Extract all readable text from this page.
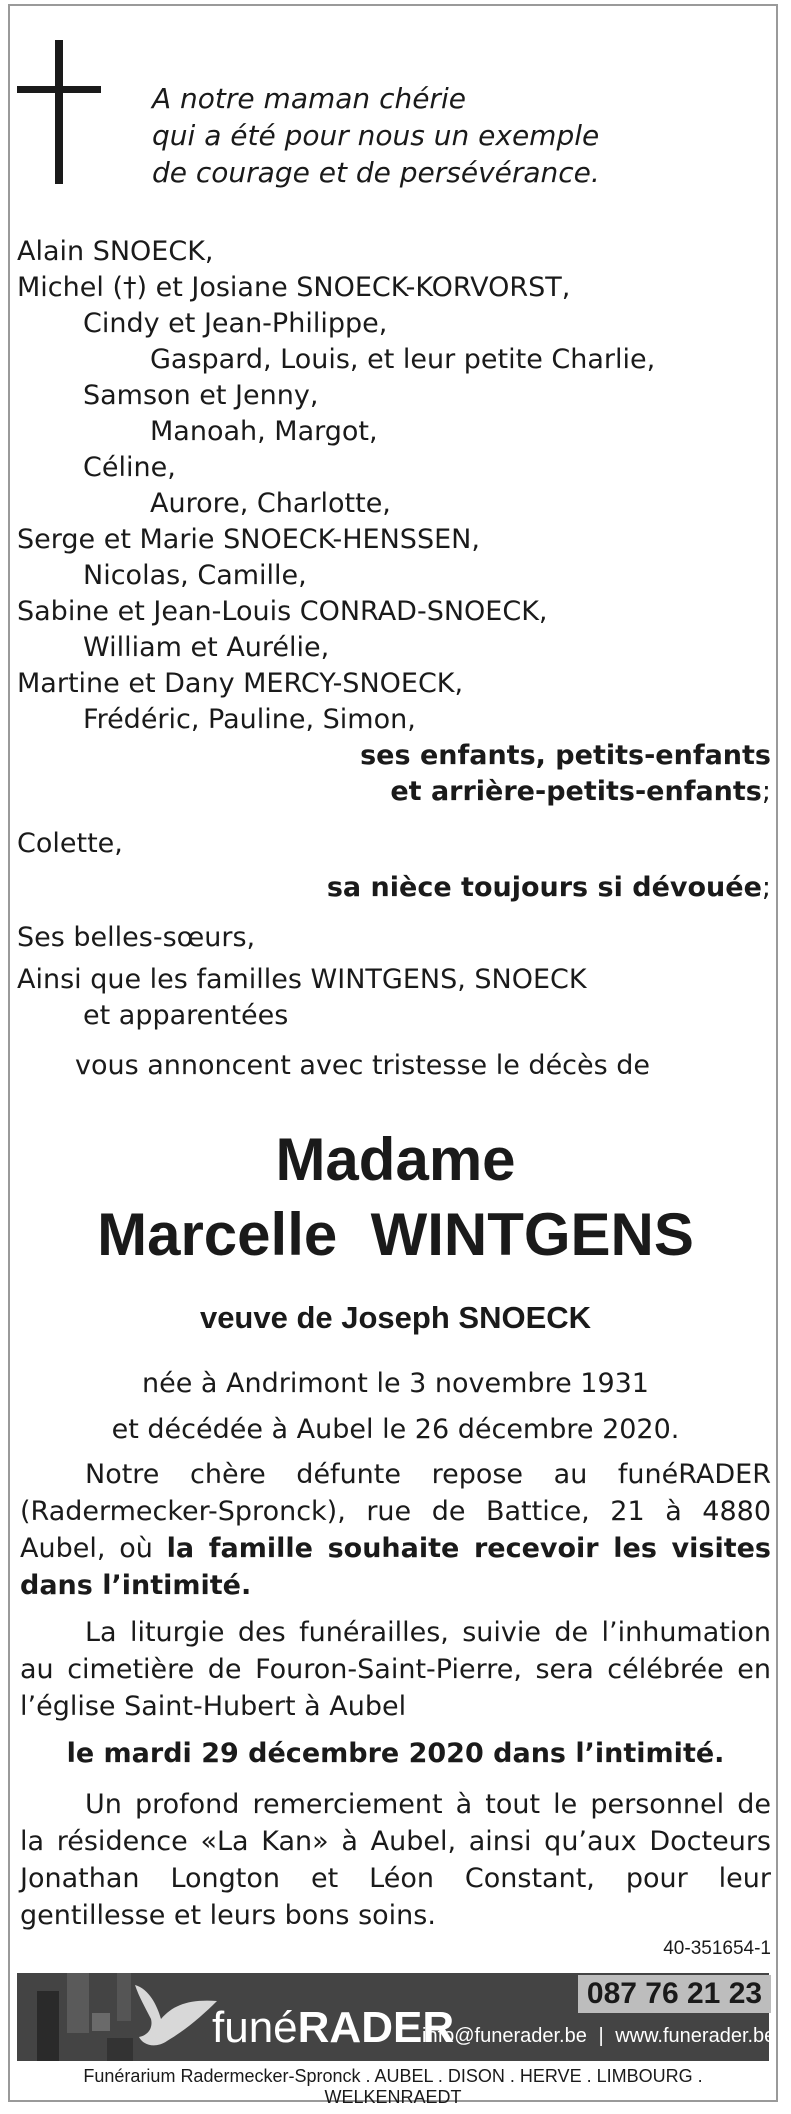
A notre maman chérie
qui a été pour nous un exemple
de courage et de persévérance.
Alain SNOECK,
Michel (†) et Josiane SNOECK-KORVORST,
Cindy et Jean-Philippe,
Gaspard, Louis, et leur petite Charlie,
Samson et Jenny,
Manoah, Margot,
Céline,
Aurore, Charlotte,
Serge et Marie SNOECK-HENSSEN,
Nicolas, Camille,
Sabine et Jean-Louis CONRAD-SNOECK,
William et Aurélie,
Martine et Dany MERCY-SNOECK,
Frédéric, Pauline, Simon,
ses enfants, petits-enfants
et arrière-petits-enfants;
Colette,
sa nièce toujours si dévouée;
Ses belles-sœurs,
Ainsi que les familles WINTGENS, SNOECK
et apparentées
vous annoncent avec tristesse le décès de
Madame
Marcelle  WINTGENS
veuve de Joseph SNOECK
née à Andrimont le 3 novembre 1931
et décédée à Aubel le 26 décembre 2020.
Notre chère défunte repose au funéRADER (Radermecker-Spronck), rue de Battice, 21 à 4880 Aubel, où la famille souhaite recevoir les visites dans l’intimité.
La liturgie des funérailles, suivie de l’inhumation au cimetière de Fouron-Saint-Pierre, sera célébrée en l’église Saint-Hubert à Aubel
le mardi 29 décembre 2020 dans l’intimité.
Un profond remerciement à tout le personnel de la résidence «La Kan» à Aubel, ainsi qu’aux Docteurs Jonathan Longton et Léon Constant, pour leur gentillesse et leurs bons soins.
40-351654-1
funéRADER
info@funerader.be | www.funerader.be
087 76 21 23
Funérarium Radermecker-Spronck . AUBEL . DISON . HERVE . LIMBOURG . WELKENRAEDT
